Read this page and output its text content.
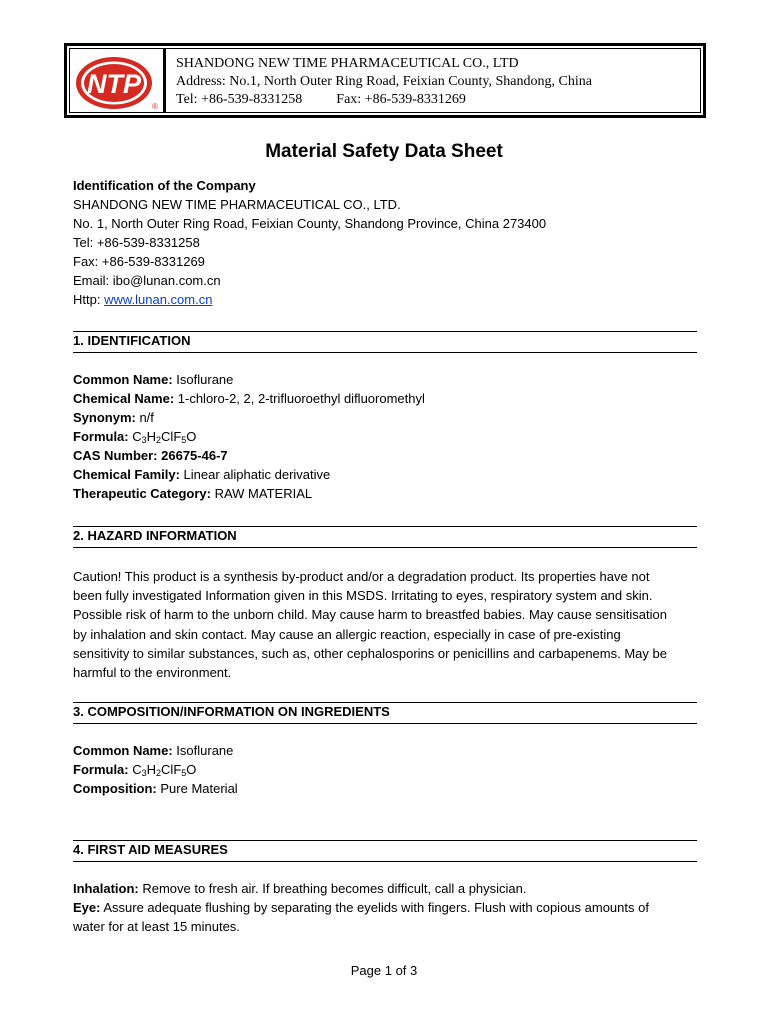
NTP
®
SHANDONG NEW TIME PHARMACEUTICAL CO., LTD
Address: No.1, North Outer Ring Road, Feixian County, Shandong, China
Tel: +86-539-8331258 Fax: +86-539-8331269
Material Safety Data Sheet
Identification of the Company
SHANDONG NEW TIME PHARMACEUTICAL CO., LTD.
No. 1, North Outer Ring Road, Feixian County, Shandong Province, China 273400
Tel: +86-539-8331258
Fax: +86-539-8331269
Email: ibo@lunan.com.cn
Http: www.lunan.com.cn
1. IDENTIFICATION
Common Name: Isoflurane
Chemical Name: 1-chloro-2, 2, 2-trifluoroethyl difluoromethyl
Synonym: n/f
Formula: $C_3H_2ClF_5O$
CAS Number: 26675-46-7
Chemical Family: Linear aliphatic derivative
Therapeutic Category: RAW MATERIAL
2. HAZARD INFORMATION
Caution! This product is a synthesis by-product and/or a degradation product. Its properties have not
been fully investigated Information given in this MSDS. Irritating to eyes, respiratory system and skin.
Possible risk of harm to the unborn child. May cause harm to breastfed babies. May cause sensitisation
by inhalation and skin contact. May cause an allergic reaction, especially in case of pre-existing
sensitivity to similar substances, such as, other cephalosporins or penicillins and carbapenems. May be
harmful to the environment.
3. COMPOSITION/INFORMATION ON INGREDIENTS
Common Name: Isoflurane
Formula: $C_3H_2ClF_5O$
Composition: Pure Material
4. FIRST AID MEASURES
Inhalation: Remove to fresh air. If breathing becomes difficult, call a physician.
Eye: Assure adequate flushing by separating the eyelids with fingers. Flush with copious amounts of
water for at least 15 minutes.
Page 1 of 3
